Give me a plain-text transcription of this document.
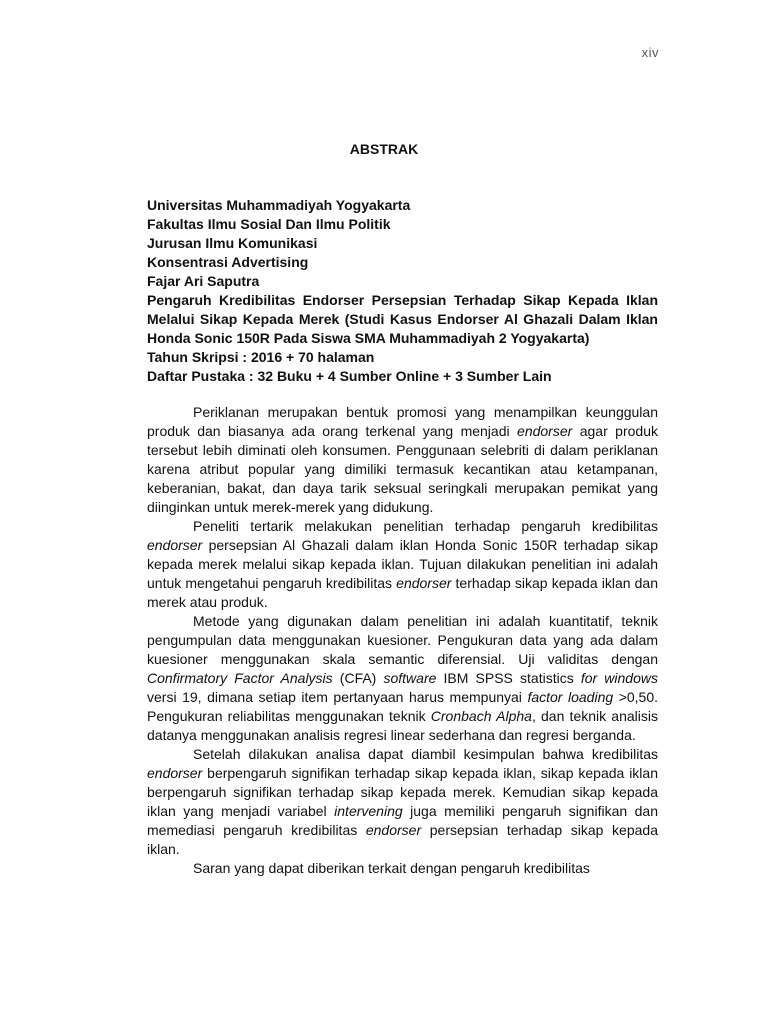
xiv
ABSTRAK
Universitas Muhammadiyah Yogyakarta
Fakultas Ilmu Sosial Dan Ilmu Politik
Jurusan Ilmu Komunikasi
Konsentrasi Advertising
Fajar Ari Saputra
Pengaruh Kredibilitas Endorser Persepsian Terhadap Sikap Kepada Iklan Melalui Sikap Kepada Merek (Studi Kasus Endorser Al Ghazali Dalam Iklan Honda Sonic 150R Pada Siswa SMA Muhammadiyah 2 Yogyakarta)
Tahun Skripsi : 2016 + 70 halaman
Daftar Pustaka : 32 Buku + 4 Sumber Online + 3 Sumber Lain

Periklanan merupakan bentuk promosi yang menampilkan keunggulan produk dan biasanya ada orang terkenal yang menjadi endorser agar produk tersebut lebih diminati oleh konsumen. Penggunaan selebriti di dalam periklanan karena atribut popular yang dimiliki termasuk kecantikan atau ketampanan, keberanian, bakat, dan daya tarik seksual seringkali merupakan pemikat yang diinginkan untuk merek-merek yang didukung.

Peneliti tertarik melakukan penelitian terhadap pengaruh kredibilitas endorser persepsian Al Ghazali dalam iklan Honda Sonic 150R terhadap sikap kepada merek melalui sikap kepada iklan. Tujuan dilakukan penelitian ini adalah untuk mengetahui pengaruh kredibilitas endorser terhadap sikap kepada iklan dan merek atau produk.

Metode yang digunakan dalam penelitian ini adalah kuantitatif, teknik pengumpulan data menggunakan kuesioner. Pengukuran data yang ada dalam kuesioner menggunakan skala semantic diferensial. Uji validitas dengan Confirmatory Factor Analysis (CFA) software IBM SPSS statistics for windows versi 19, dimana setiap item pertanyaan harus mempunyai factor loading >0,50. Pengukuran reliabilitas menggunakan teknik Cronbach Alpha, dan teknik analisis datanya menggunakan analisis regresi linear sederhana dan regresi berganda.

Setelah dilakukan analisa dapat diambil kesimpulan bahwa kredibilitas endorser berpengaruh signifikan terhadap sikap kepada iklan, sikap kepada iklan berpengaruh signifikan terhadap sikap kepada merek. Kemudian sikap kepada iklan yang menjadi variabel intervening juga memiliki pengaruh signifikan dan memediasi pengaruh kredibilitas endorser persepsian terhadap sikap kepada iklan.

Saran yang dapat diberikan terkait dengan pengaruh kredibilitas
